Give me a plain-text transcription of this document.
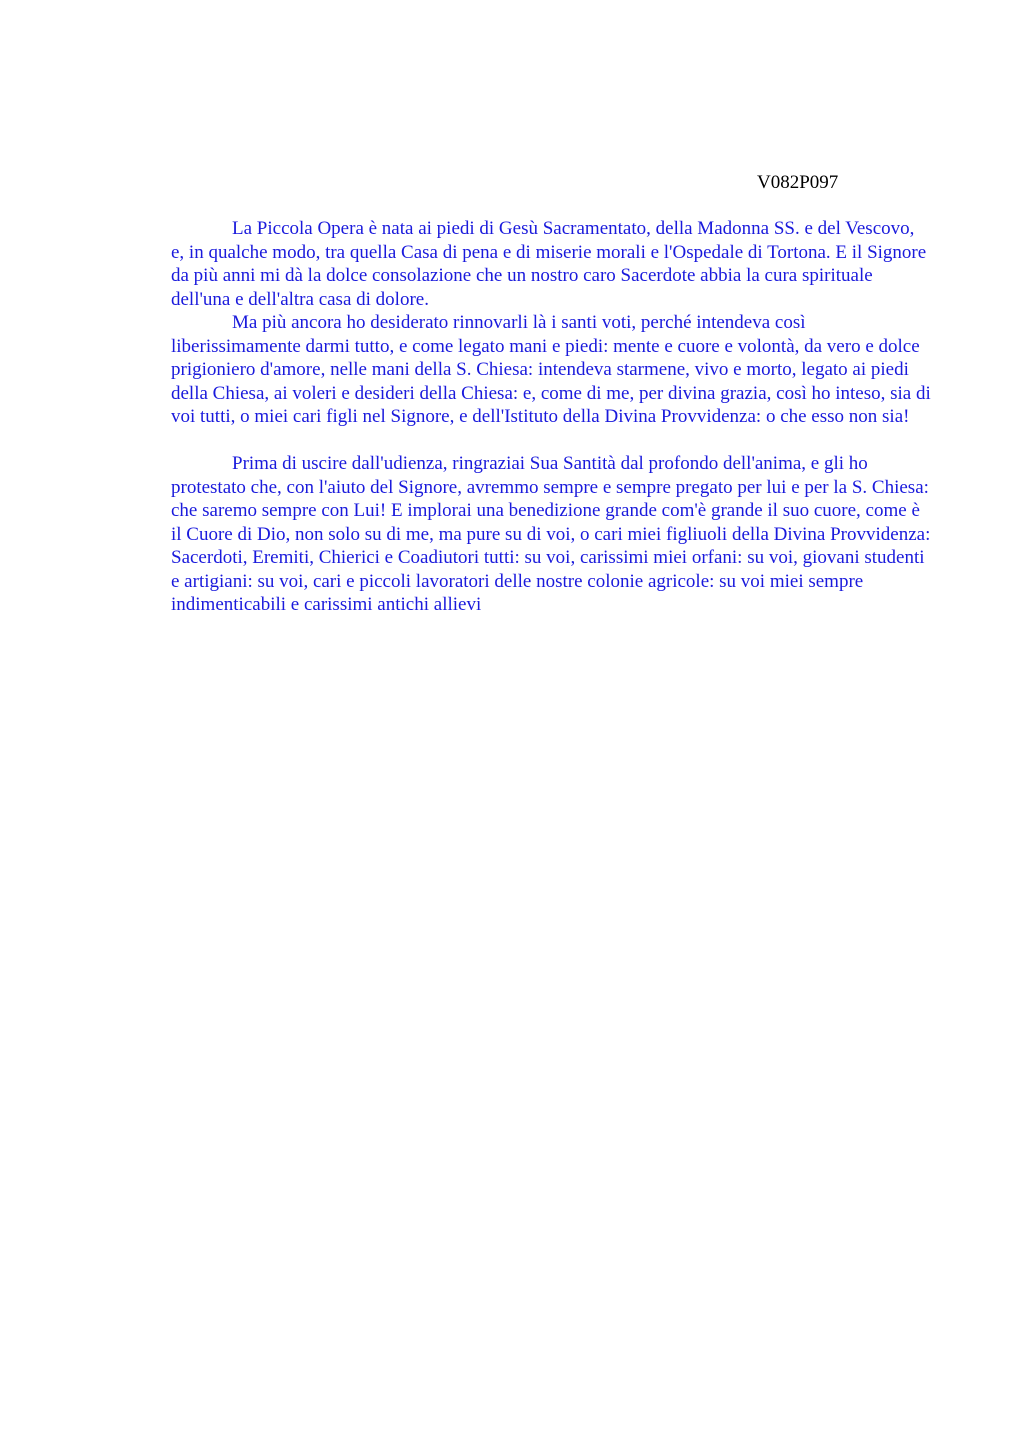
V082P097

La Piccola Opera è nata ai piedi di Gesù Sacramentato, della Madonna SS. e del Vescovo, e, in qualche modo, tra quella Casa di pena e di miserie morali e l'Ospedale di Tortona. E il Signore da più anni mi dà la dolce consolazione che un nostro caro Sacerdote abbia la cura spirituale dell'una e dell'altra casa di dolore.

Ma più ancora ho desiderato rinnovarli là i santi voti, perché intendeva così liberissimamente darmi tutto, e come legato mani e piedi: mente e cuore e volontà, da vero e dolce prigioniero d'amore, nelle mani della S. Chiesa: intendeva starmene, vivo e morto, legato ai piedi della Chiesa, ai voleri e desideri della Chiesa: e, come di me, per divina grazia, così ho inteso, sia di voi tutti, o miei cari figli nel Signore, e dell'Istituto della Divina Provvidenza: o che esso non sia!

Prima di uscire dall'udienza, ringraziai Sua Santità dal profondo dell'anima, e gli ho protestato che, con l'aiuto del Signore, avremmo sempre e sempre pregato per lui e per la S. Chiesa: che saremo sempre con Lui! E implorai una benedizione grande com'è grande il suo cuore, come è il Cuore di Dio, non solo su di me, ma pure su di voi, o cari miei figliuoli della Divina Provvidenza: Sacerdoti, Eremiti, Chierici e Coadiutori tutti: su voi, carissimi miei orfani: su voi, giovani studenti e artigiani: su voi, cari e piccoli lavoratori delle nostre colonie agricole: su voi miei sempre indimenticabili e carissimi antichi allievi
